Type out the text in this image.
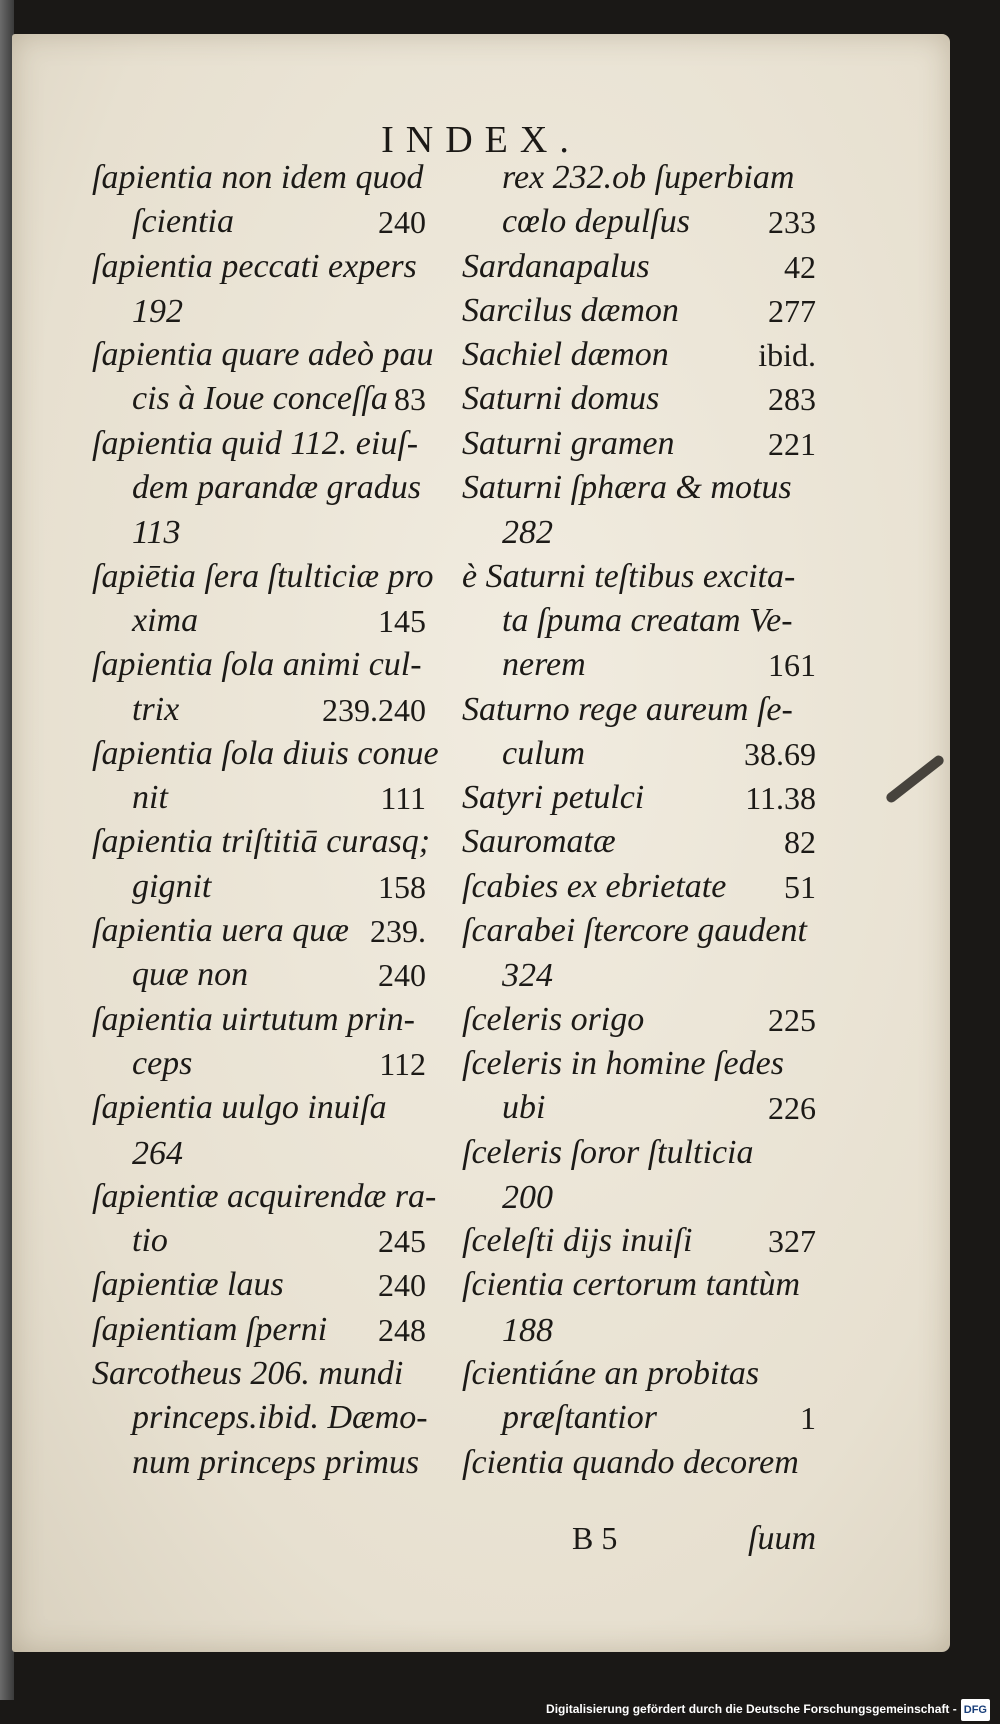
INDEX.
ſapientia non idem quod
ſcientia	240
ſapientia peccati expers
192
ſapientia quare adeò pau
cis à Ioue conceſſa 83
ſapientia quid 112. eiuſ-
dem parandæ gradus
113
ſapiētia ſera ſtulticiæ pro
xima	145
ſapientia ſola animi cul-
trix	239.240
ſapientia ſola diuis conue
nit	111
ſapientia triſtitiā curasq;
gignit	158
ſapientia uera quæ 239.
quæ non	240
ſapientia uirtutum prin-
ceps	112
ſapientia uulgo inuiſa
264
ſapientiæ acquirendæ ra-
tio	245
ſapientiæ laus	240
ſapientiam ſperni 248
Sarcotheus 206. mundi
princeps.ibid. Dæmo-
num princeps primus
rex 232.ob ſuperbiam
cœlo depulſus 233
Sardanapalus	42
Sarcilus dæmon	277
Sachiel dæmon	ibid.
Saturni domus	283
Saturni gramen	221
Saturni ſphæra & motus
282
è Saturni teſtibus excita-
ta ſpuma creatam Ve-
nerem	161
Saturno rege aureum ſe-
culum	38.69
Satyri petulci	11.38
Sauromatæ	82
ſcabies ex ebrietate 51
ſcarabei ſtercore gaudent
324
ſceleris origo	225
ſceleris in homine ſedes
ubi	226
ſceleris ſoror ſtulticia
200
ſceleſti dijs inuiſi 327
ſcientia certorum tantùm
188
ſcientiáne an probitas
præſtantior	1
ſcientia quando decorem
B 5	ſuum
Digitalisierung gefördert durch die Deutsche Forschungsgemeinschaft - DFG
